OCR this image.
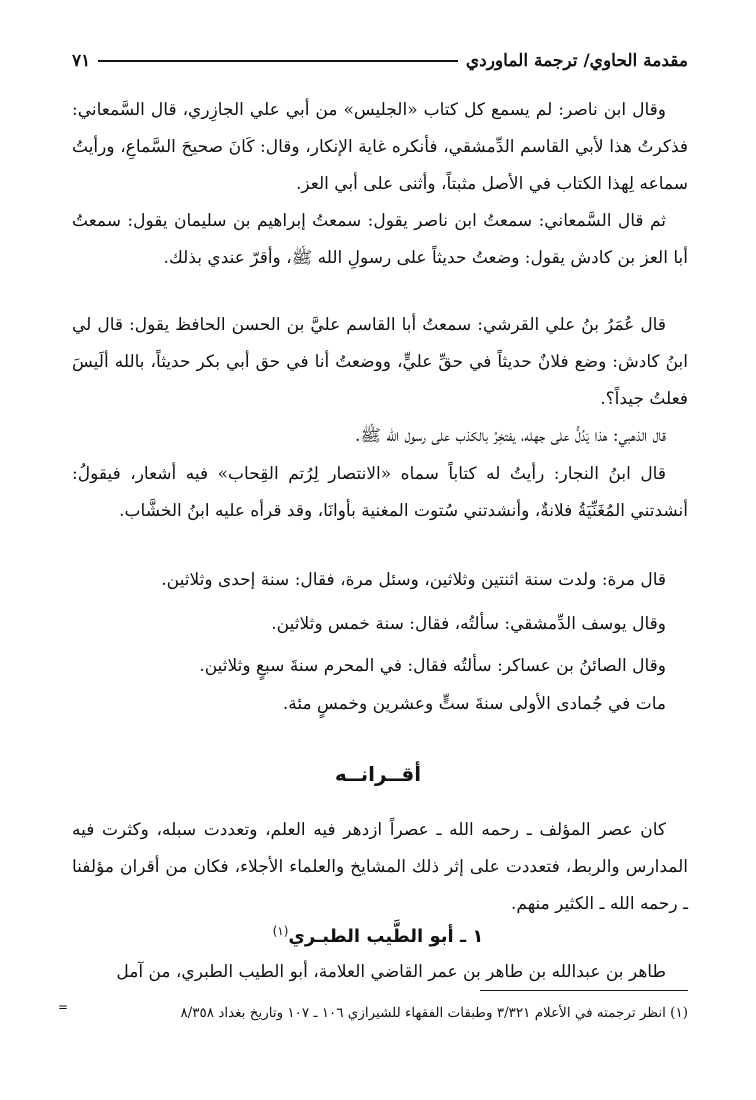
مقدمة الحاوي/ ترجمة الماوردي
٧١

وقال ابن ناصر: لم يسمع كل كتاب «الجليس» من أبي علي الجازِري، قال السَّمعاني: فذكرتُ هذا لأبي القاسم الدِّمشقي، فأنكره غاية الإنكار، وقال: كَانَ صحيحَ السَّماعِ، ورأيتُ سماعه لِهذا الكتاب في الأصل مثبتاً، وأثنى على أبي العز.

ثم قال السَّمعاني: سمعتُ ابن ناصر يقول: سمعتُ إبراهيم بن سليمان يقول: سمعتُ أبا العز بن كادش يقول: وضعتُ حديثاً على رسولِ الله ﷺ، وأقرّ عندي بذلك.

قال عُمَرُ بنُ علي القرشي: سمعتُ أبا القاسم عليَّ بن الحسن الحافظ يقول: قال لي ابنُ كادش: وضع فلانٌ حديثاً في حقِّ عليٍّ، ووضعتُ أنا في حق أبي بكر حديثاً، بالله ألَيسَ فعلتُ جيداً؟.

قال الذهبي: هذا يَدُلُّ على جهله، يفتخِرُ بالكذب على رسول الله ﷺ.

قال ابنُ النجار: رأيتُ له كتاباً سماه «الانتصار لِرُتم القِحاب» فيه أشعار، فيقولُ: أنشدتني المُغَنِّيَةُ فلانةٌ، وأنشدتني سُتوت المغنية بأوانَا، وقد قرأه عليه ابنُ الخشَّاب.

قال مرة: ولدت سنة اثنتين وثلاثين، وسئل مرة، فقال: سنة إحدى وثلاثين.

وقال يوسف الدِّمشقي: سألتُه، فقال: سنة خمس وثلاثين.

وقال الصائنُ بن عساكر: سألتُه فقال: في المحرم سنةَ سبعٍ وثلاثين.

مات في جُمادى الأولى سنةَ ستٍّ وعشرين وخمسٍ مئة.

أقــرانــه

كان عصر المؤلف ـ رحمه الله ـ عصراً ازدهر فيه العلم، وتعددت سبله، وكثرت فيه المدارس والربط، فتعددت على إثر ذلك المشايخ والعلماء الأجلاء، فكان من أقران مؤلفنا ـ رحمه الله ـ الكثير منهم.

١ ـ أبو الطَّيب الطبـري$^{(١)}$

طاهر بن عبدالله بن طاهر بن عمر القاضي العلامة، أبو الطيب الطبري، من آمل

(١) انظر ترجمته في الأعلام ٣/٣٢١ وطبقات الفقهاء للشيرازي ١٠٦ ـ ١٠٧ وتاريخ بغداد ٨/٣٥٨
=
